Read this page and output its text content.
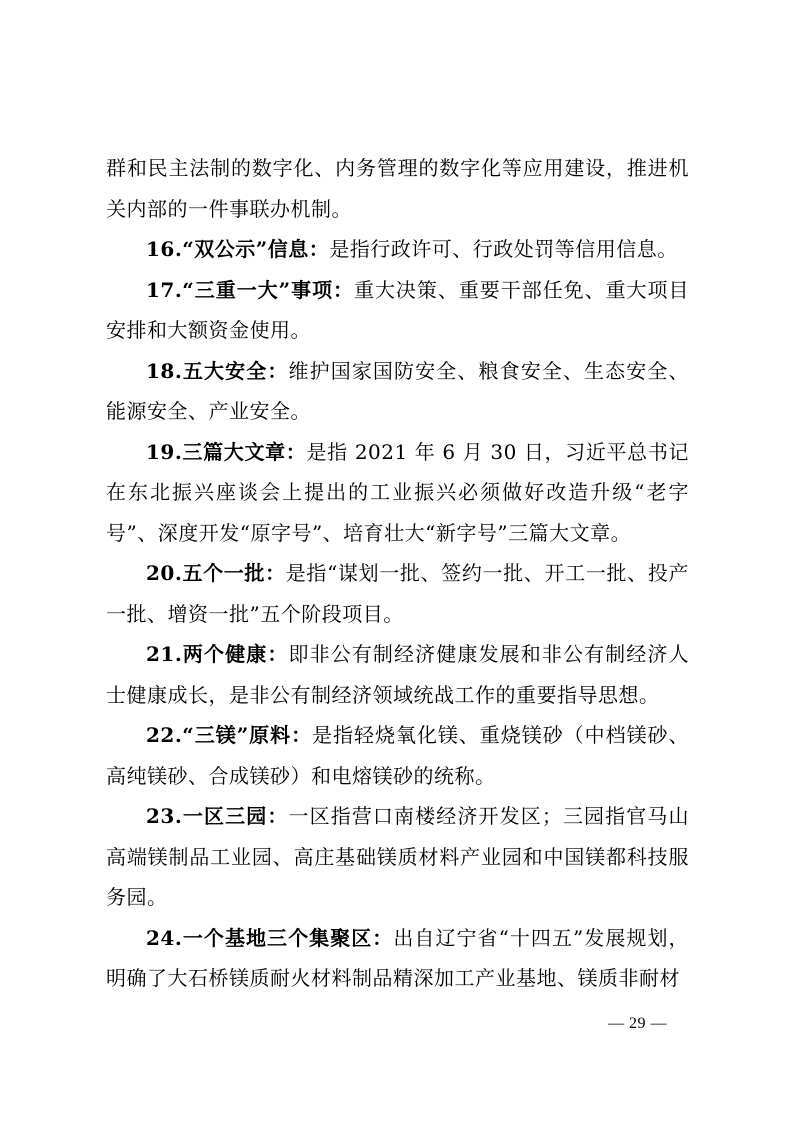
群和民主法制的数字化、内务管理的数字化等应用建设，推进机关内部的一件事联办机制。

16.“双公示”信息：是指行政许可、行政处罚等信用信息。

17.“三重一大”事项：重大决策、重要干部任免、重大项目安排和大额资金使用。

18.五大安全：维护国家国防安全、粮食安全、生态安全、能源安全、产业安全。

19.三篇大文章：是指 2021 年 6 月 30 日，习近平总书记在东北振兴座谈会上提出的工业振兴必须做好改造升级“老字号”、深度开发“原字号”、培育壮大“新字号”三篇大文章。

20.五个一批：是指“谋划一批、签约一批、开工一批、投产一批、增资一批”五个阶段项目。

21.两个健康：即非公有制经济健康发展和非公有制经济人士健康成长，是非公有制经济领域统战工作的重要指导思想。

22.“三镁”原料：是指轻烧氧化镁、重烧镁砂（中档镁砂、高纯镁砂、合成镁砂）和电熔镁砂的统称。

23.一区三园：一区指营口南楼经济开发区；三园指官马山高端镁制品工业园、高庄基础镁质材料产业园和中国镁都科技服务园。

24.一个基地三个集聚区：出自辽宁省“十四五”发展规划，明确了大石桥镁质耐火材料制品精深加工产业基地、镁质非耐材

— 29 —
